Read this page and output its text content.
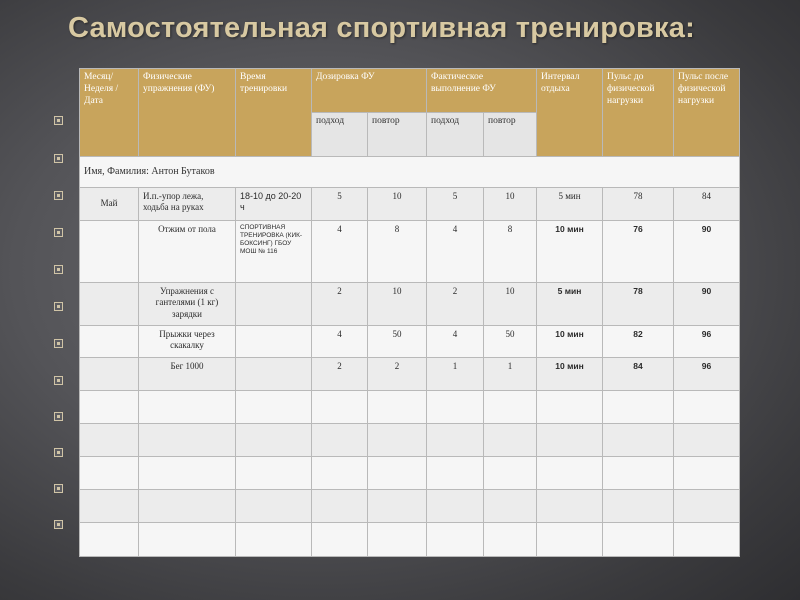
Самостоятельная спортивная тренировка:
Месяц/ Неделя / Дата	Физические упражнения (ФУ)	Время тренировки	Дозировка ФУ		Фактическое выполнение ФУ		Интервал отдыха	Пульс до физической нагрузки	Пульс после физической нагрузки
			подход	повтор	подход	повтор			
Имя, Фамилия: Антон Бутаков									
Май	И.п.-упор лежа, ходьба на руках	18-10 до 20-20 ч	5	10	5	10	5 мин	78	84
	Отжим от пола	СПОРТИВНАЯ ТРЕНИРОВКА (КИК-БОКСИНГ) ГБОУ МОШ № 116	4	8	4	8	10 мин	76	90
	Упражнения с гантелями (1 кг) зарядки		2	10	2	10	5 мин	78	90
	Прыжки через скакалку		4	50	4	50	10 мин	82	96
	Бег 1000		2	2	1	1	10 мин	84	96
